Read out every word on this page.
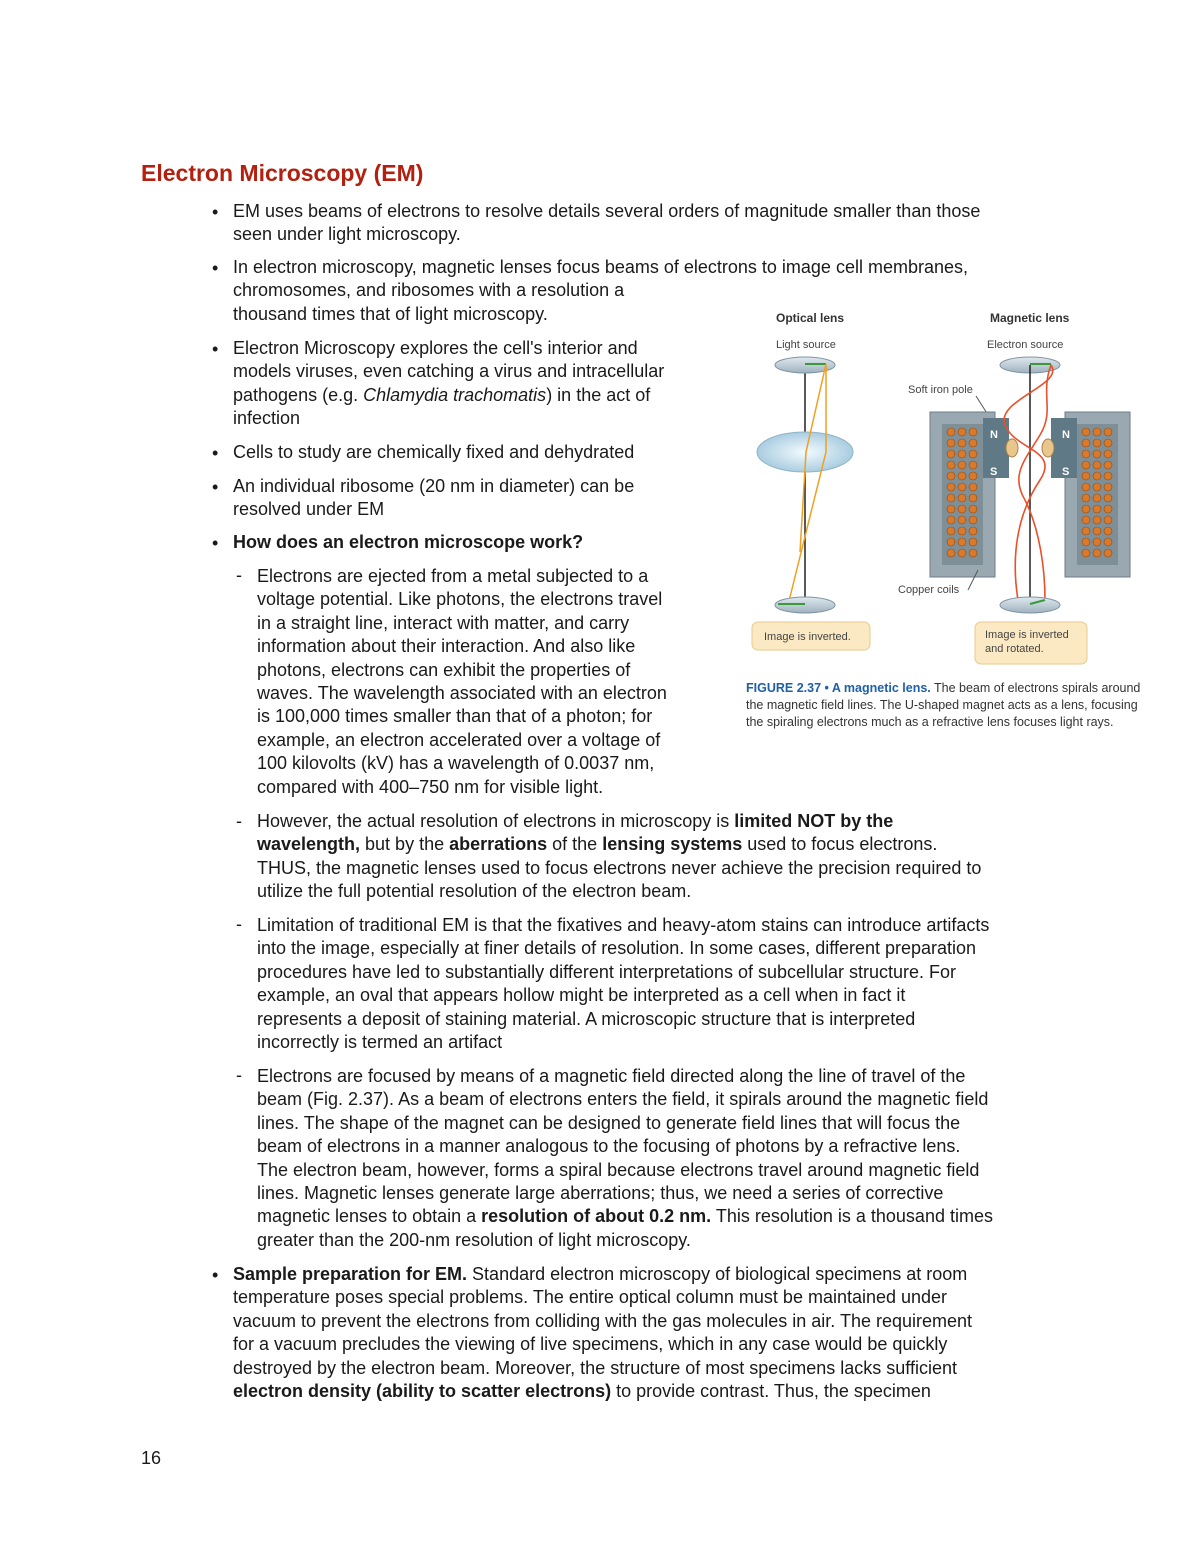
Electron Microscopy (EM)
• EM uses beams of electrons to resolve details several orders of magnitude smaller than those

seen under light microscopy.

• In electron microscopy, magnetic lenses focus beams of electrons to image cell membranes,

chromosomes, and ribosomes with a resolution a

thousand times that of light microscopy.

• Electron Microscopy explores the cell's interior and

models viruses, even catching a virus and intracellular

pathogens (e.g. Chlamydia trachomatis) in the act of

infection

• Cells to study are chemically fixed and dehydrated

• An individual ribosome (20 nm in diameter) can be

resolved under EM

• How does an electron microscope work?

- Electrons are ejected from a metal subjected to a

voltage potential. Like photons, the electrons travel

in a straight line, interact with matter, and carry

information about their interaction. And also like

photons, electrons can exhibit the properties of

waves. The wavelength associated with an electron

is 100,000 times smaller than that of a photon; for

example, an electron accelerated over a voltage of

100 kilovolts (kV) has a wavelength of 0.0037 nm,

compared with 400–750 nm for visible light.

- However, the actual resolution of electrons in microscopy is limited NOT by the

wavelength, but by the aberrations of the lensing systems used to focus electrons.

THUS, the magnetic lenses used to focus electrons never achieve the precision required to

utilize the full potential resolution of the electron beam.

- Limitation of traditional EM is that the fixatives and heavy-atom stains can introduce artifacts

into the image, especially at finer details of resolution. In some cases, different preparation

procedures have led to substantially different interpretations of subcellular structure. For

example, an oval that appears hollow might be interpreted as a cell when in fact it

represents a deposit of staining material. A microscopic structure that is interpreted

incorrectly is termed an artifact

- Electrons are focused by means of a magnetic field directed along the line of travel of the

beam (Fig. 2.37). As a beam of electrons enters the field, it spirals around the magnetic field

lines. The shape of the magnet can be designed to generate field lines that will focus the

beam of electrons in a manner analogous to the focusing of photons by a refractive lens.

The electron beam, however, forms a spiral because electrons travel around magnetic field

lines. Magnetic lenses generate large aberrations; thus, we need a series of corrective

magnetic lenses to obtain a resolution of about 0.2 nm. This resolution is a thousand times

greater than the 200-nm resolution of light microscopy.

• Sample preparation for EM. Standard electron microscopy of biological specimens at room

temperature poses special problems. The entire optical column must be maintained under

vacuum to prevent the electrons from colliding with the gas molecules in air. The requirement

for a vacuum precludes the viewing of live specimens, which in any case would be quickly

destroyed by the electron beam. Moreover, the structure of most specimens lacks sufficient

electron density (ability to scatter electrons) to provide contrast. Thus, the specimen

Optical lens	Magnetic lens
Light source	Electron source
Image is inverted.
Soft iron pole
N
S
N
S
Copper coils
Image is inverted
and rotated.
FIGURE 2.37 • A magnetic lens. The beam of electrons spirals around the magnetic field lines. The U-shaped magnet acts as a lens, focusing the spiraling electrons much as a refractive lens focuses light rays.
16
